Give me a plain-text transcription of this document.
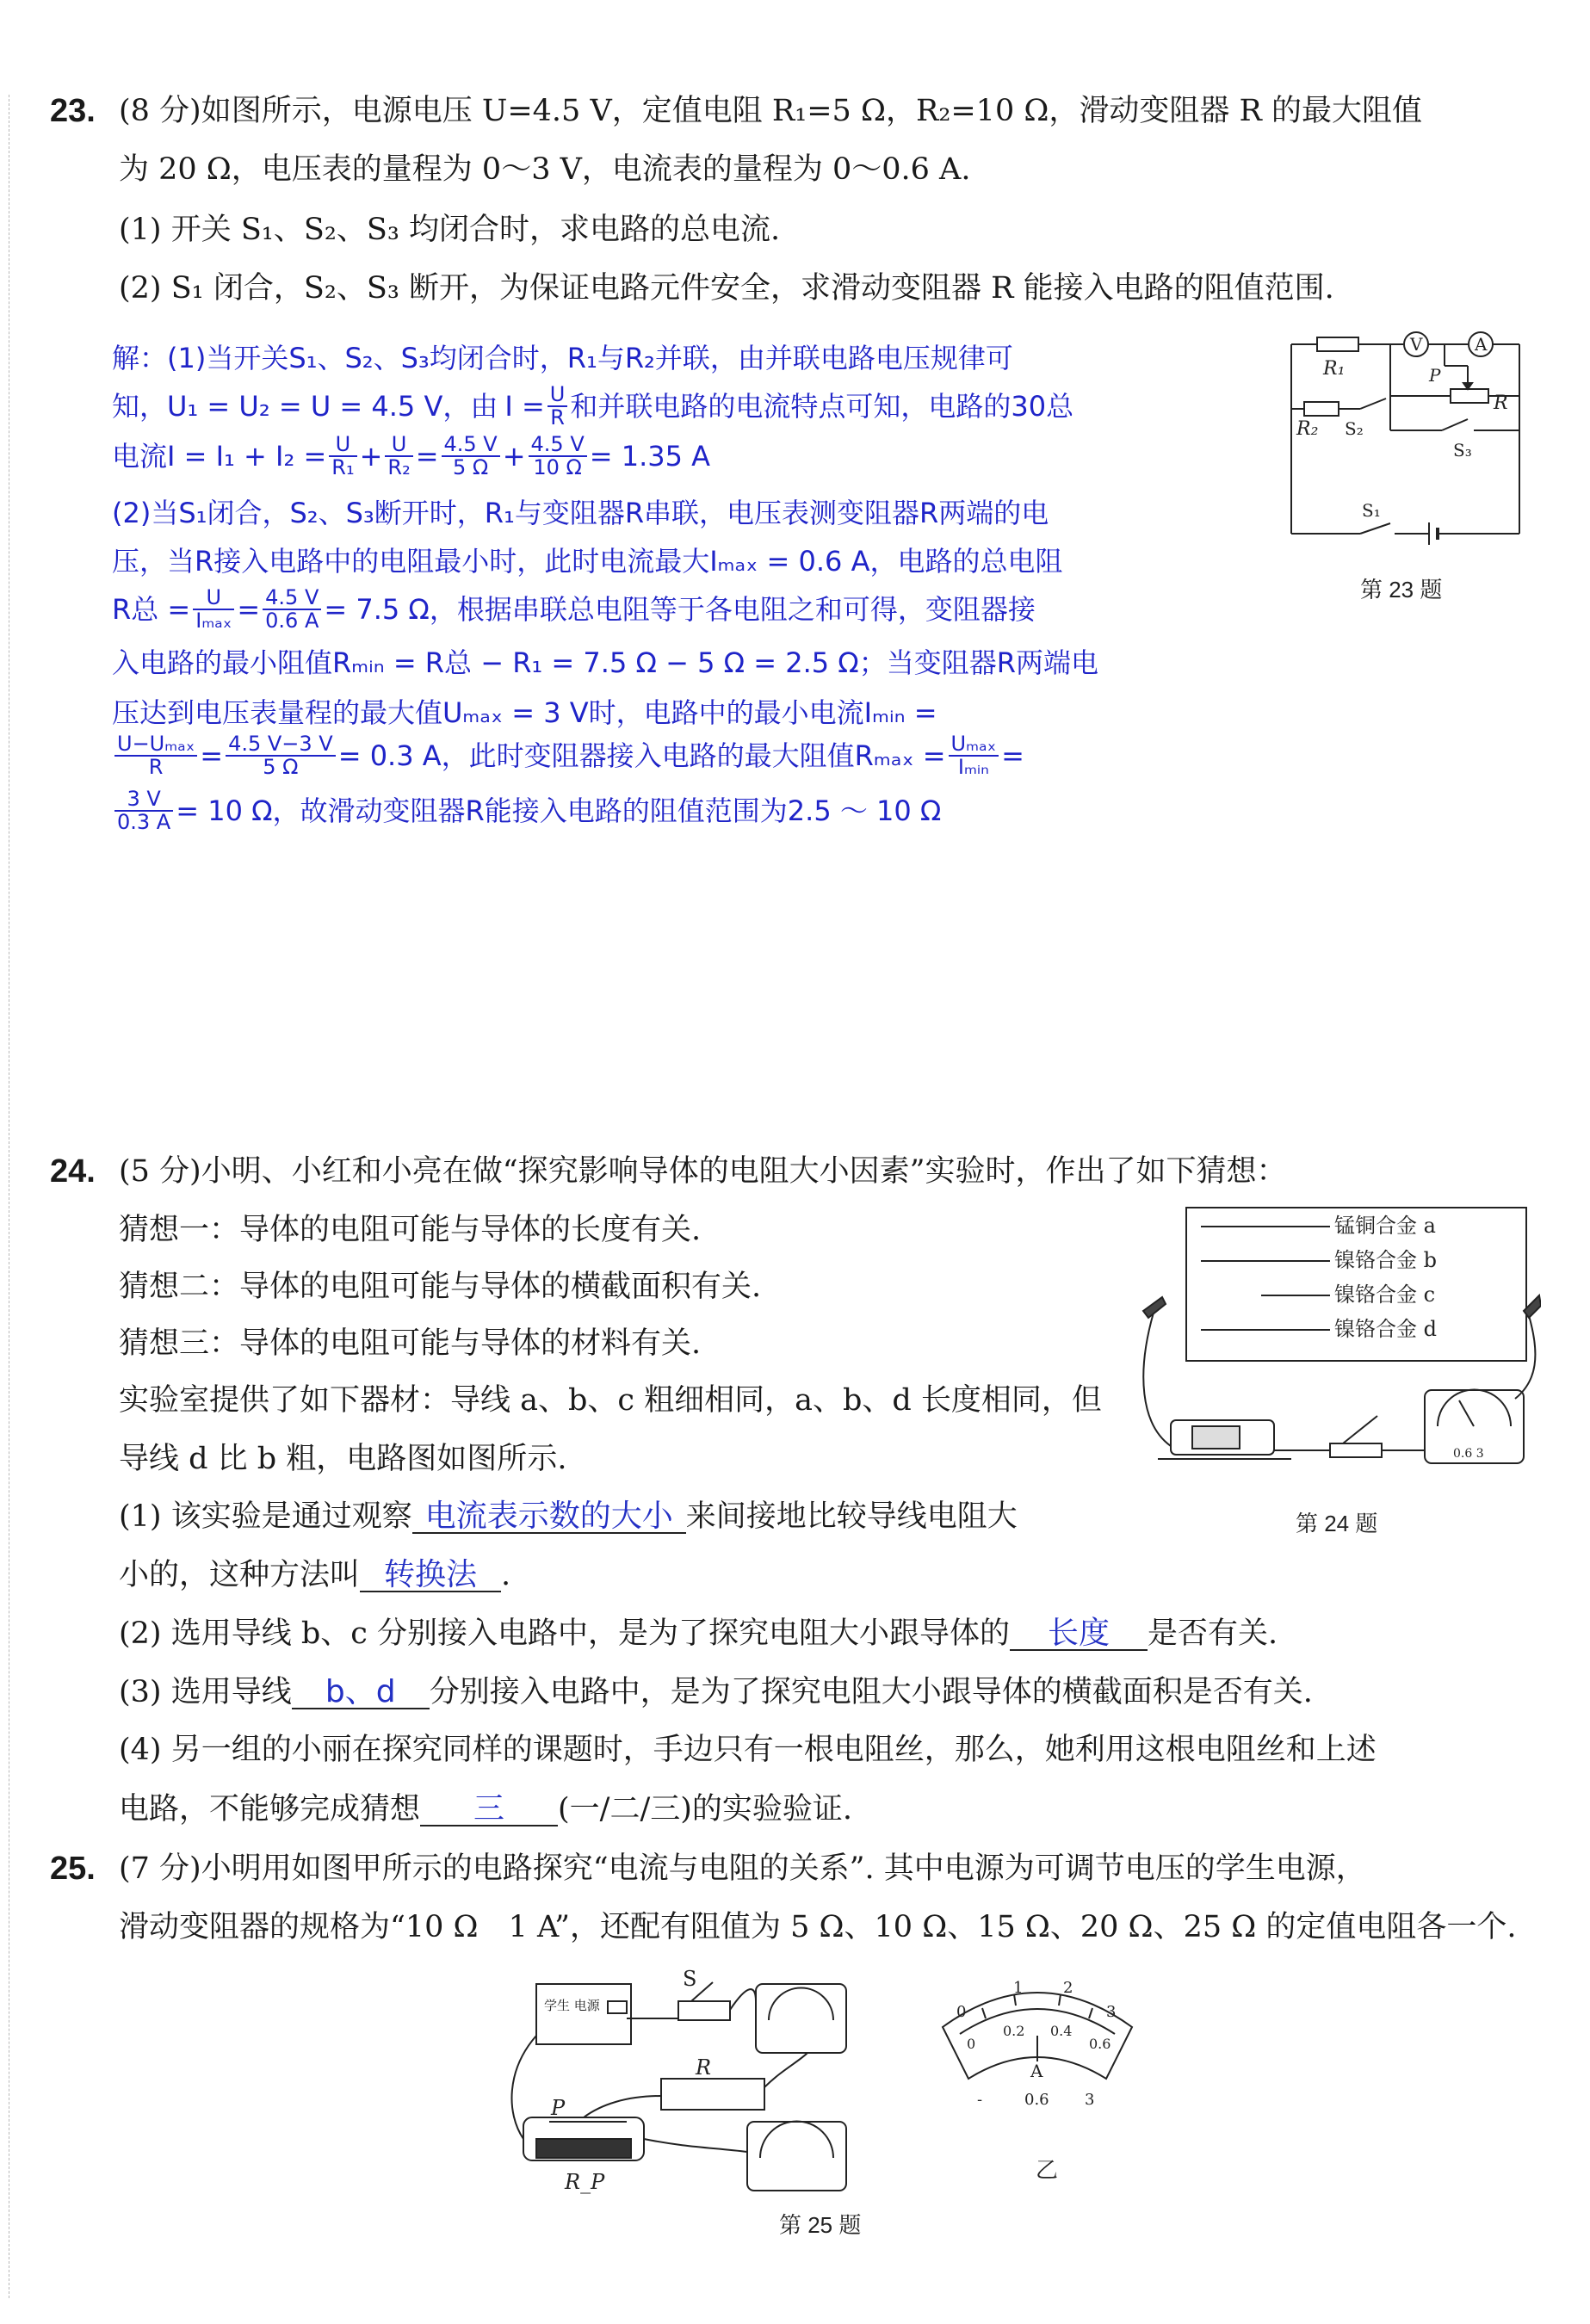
23. (8 分)如图所示，电源电压 U=4.5 V，定值电阻 R₁=5 Ω，R₂=10 Ω，滑动变阻器 R 的最大阻值
为 20 Ω，电压表的量程为 0～3 V，电流表的量程为 0～0.6 A.
(1) 开关 S₁、S₂、S₃ 均闭合时，求电路的总电流.
(2) S₁ 闭合，S₂、S₃ 断开，为保证电路元件安全，求滑动变阻器 R 能接入电路的阻值范围.
解：(1)当开关S₁、S₂、S₃均闭合时，R₁与R₂并联，由并联电路电压规律可
知，U₁ = U₂ = U = 4.5 V，由 $I = \frac{U}{R}$ 和并联电路的电流特点可知，电路的30总
电流$I = I_1 + I_2 = \frac{U}{\text{R₁}} + \frac{U}{\text{R₂}} = \frac{4.5 V}{5 \Omega} + \frac{4.5 V}{10 \Omega} = 1.35$ A
(2)当S₁闭合，S₂、S₃断开时，R₁与变阻器R串联，电压表测变阻器R两端的电
压，当R接入电路中的电阻最小时，此时电流最大Iₘₐₓ = 0.6 A，电路的总电阻
R总 = $\frac{U}{\text{Iₘₐₓ}} = \frac{4.5 V}{0.6 A} = 7.5$ Ω，根据串联总电阻等于各电阻之和可得，变阻器接
入电路的最小阻值Rₘᵢₙ = R总 − R₁ = 7.5 Ω − 5 Ω = 2.5 Ω；当变阻器R两端电
压达到电压表量程的最大值Uₘₐₓ = 3 V时，电路中的最小电流Iₘᵢₙ =
$\frac{\text{U−Uₘₐₓ}}{R} = \frac{4.5 V-3 V}{5 \Omega} = 0.3$ A，此时变阻器接入电路的最大阻值$R_{max} = \frac{\text{Uₘₐₓ}}{\text{Iₘᵢₙ}}$ =
$\frac{3 V}{0.3 A} = 10$ Ω，故滑动变阻器R能接入电路的阻值范围为2.5 ～ 10 Ω
R₁
R₂ S₂
S₃
S₁
V	A
P
R
第 23 题
24. (5 分)小明、小红和小亮在做“探究影响导体的电阻大小因素”实验时，作出了如下猜想：
猜想一：导体的电阻可能与导体的长度有关.
猜想二：导体的电阻可能与导体的横截面积有关.
猜想三：导体的电阻可能与导体的材料有关.
实验室提供了如下器材：导线 a、b、c 粗细相同，a、b、d 长度相同，但
导线 d 比 b 粗，电路图如图所示.
(1) 该实验是通过观察 电流表示数的大小 来间接地比较导线电阻大
小的，这种方法叫 转换法 .
(2) 选用导线 b、c 分别接入电路中，是为了探究电阻大小跟导体的 长度 是否有关.
(3) 选用导线 b、d 分别接入电路中，是为了探究电阻大小跟导体的横截面积是否有关.
(4) 另一组的小丽在探究同样的课题时，手边只有一根电阻丝，那么，她利用这根电阻丝和上述
电路，不能够完成猜想 三 (一/二/三)的实验验证.
锰铜合金 a
镍铬合金 b
镍铬合金 c
镍铬合金 d
0.6 3
第 24 题
25. (7 分)小明用如图甲所示的电路探究“电流与电阻的关系”. 其中电源为可调节电压的学生电源，
滑动变阻器的规格为“10 Ω　1 A”，还配有阻值为 5 Ω、10 Ω、15 Ω、20 Ω、25 Ω 的定值电阻各一个.
学生 电源
S
R
P
R_P
0
1	2
3
0
0.2 0.4
0.6
A
-	0.6 3
乙
第 25 题
